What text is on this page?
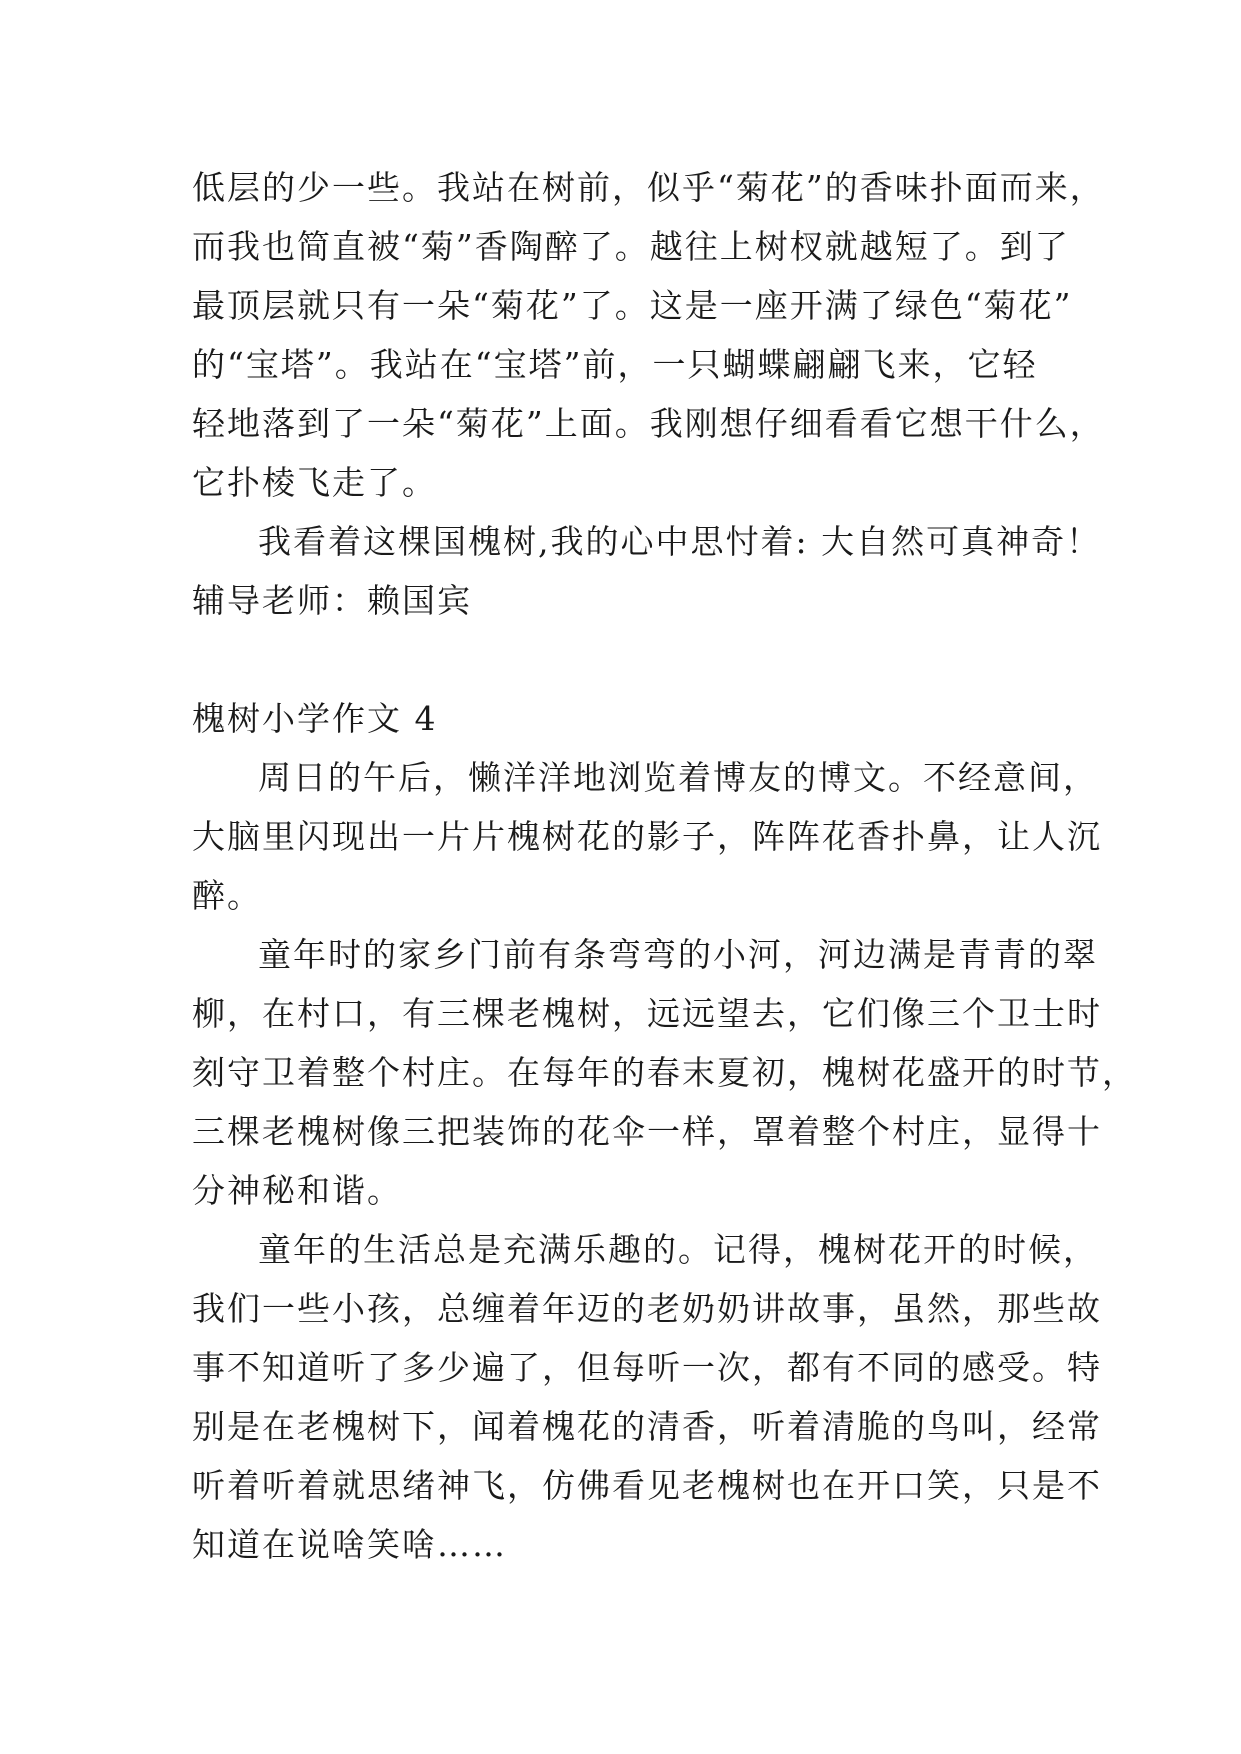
低层的少一些。我站在树前，似乎“菊花”的香味扑面而来，
而我也简直被“菊”香陶醉了。越往上树杈就越短了。到了
最顶层就只有一朵“菊花”了。这是一座开满了绿色“菊花”
的“宝塔”。我站在“宝塔”前，一只蝴蝶翩翩飞来，它轻
轻地落到了一朵“菊花”上面。我刚想仔细看看它想干什么，
它扑棱飞走了。
我看着这棵国槐树,我的心中思忖着: 大自然可真神奇！
辅导老师：赖国宾
槐树小学作文 4
周日的午后，懒洋洋地浏览着博友的博文。不经意间，
大脑里闪现出一片片槐树花的影子，阵阵花香扑鼻，让人沉
醉。
童年时的家乡门前有条弯弯的小河，河边满是青青的翠
柳，在村口，有三棵老槐树，远远望去，它们像三个卫士时
刻守卫着整个村庄。在每年的春末夏初，槐树花盛开的时节，
三棵老槐树像三把装饰的花伞一样，罩着整个村庄，显得十
分神秘和谐。
童年的生活总是充满乐趣的。记得，槐树花开的时候，
我们一些小孩，总缠着年迈的老奶奶讲故事，虽然，那些故
事不知道听了多少遍了，但每听一次，都有不同的感受。特
别是在老槐树下，闻着槐花的清香，听着清脆的鸟叫，经常
听着听着就思绪神飞，仿佛看见老槐树也在开口笑，只是不
知道在说啥笑啥……
